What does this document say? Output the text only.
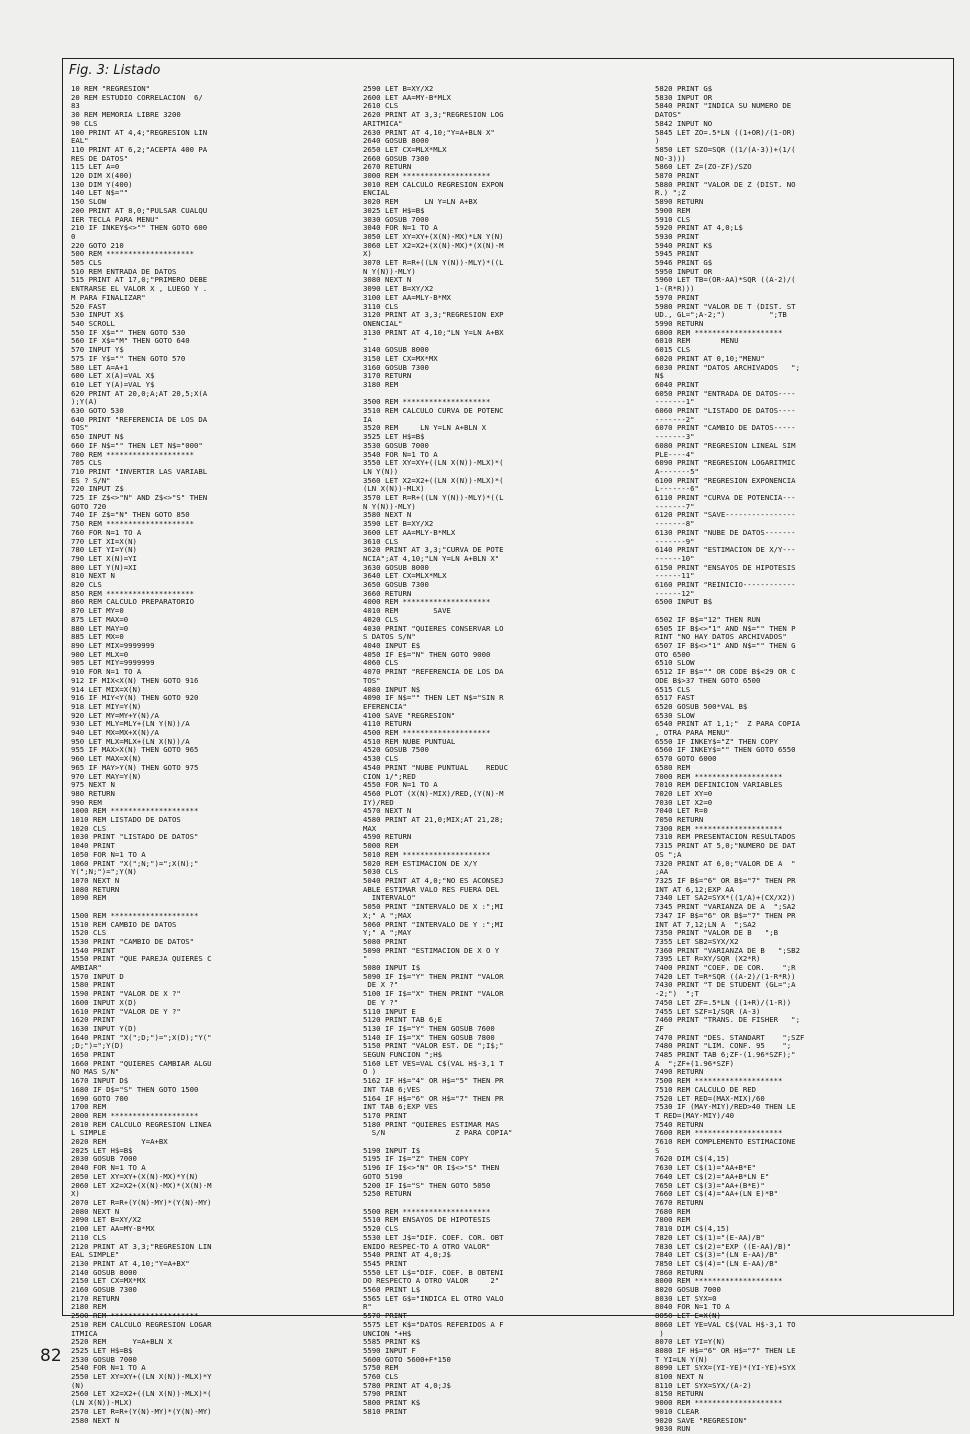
Fig. 3: Listado
10 REM "REGRESION"
20 REM ESTUDIO CORRELACION  6/
83
30 REM MEMORIA LIBRE 3200
90 CLS
100 PRINT AT 4,4;"REGRESION LIN
EAL"
110 PRINT AT 6,2;"ACEPTA 400 PA
RES DE DATOS"
115 LET A=0
120 DIM X(400)
130 DIM Y(400)
140 LET N$=""
150 SLOW
200 PRINT AT 8,0;"PULSAR CUALQU
IER TECLA PARA MENU"
210 IF INKEY$<>"" THEN GOTO 600
0
220 GOTO 210
500 REM ********************
505 CLS
510 REM ENTRADA DE DATOS
515 PRINT AT 17,0;"PRIMERO DEBE
ENTRARSE EL VALOR X , LUEGO Y .
M PARA FINALIZAR"
520 FAST
530 INPUT X$
540 SCROLL
550 IF X$="" THEN GOTO 530
560 IF X$="M" THEN GOTO 640
570 INPUT Y$
575 IF Y$="" THEN GOTO 570
580 LET A=A+1
600 LET X(A)=VAL X$
610 LET Y(A)=VAL Y$
620 PRINT AT 20,0;A;AT 20,5;X(A
);Y(A)
630 GOTO 530
640 PRINT "REFERENCIA DE LOS DA
TOS"
650 INPUT N$
660 IF N$="" THEN LET N$="000"
700 REM ********************
705 CLS
710 PRINT "INVERTIR LAS VARIABL
ES ? S/N"
720 INPUT Z$
725 IF Z$<>"N" AND Z$<>"S" THEN
GOTO 720
740 IF Z$="N" THEN GOTO 850
750 REM ********************
760 FOR N=1 TO A
770 LET XI=X(N)
780 LET YI=Y(N)
790 LET X(N)=YI
800 LET Y(N)=XI
810 NEXT N
820 CLS
850 REM ********************
860 REM CALCULO PREPARATORIO
870 LET MY=0
875 LET MAX=0
880 LET MAY=0
885 LET MX=0
890 LET MIX=9999999
900 LET MLX=0
905 LET MIY=9999999
910 FOR N=1 TO A
912 IF MIX<X(N) THEN GOTO 916
914 LET MIX=X(N)
916 IF MIY<Y(N) THEN GOTO 920
918 LET MIY=Y(N)
920 LET MY=MY+Y(N)/A
930 LET MLY=MLY+(LN Y(N))/A
940 LET MX=MX+X(N)/A
950 LET MLX=MLX+(LN X(N))/A
955 IF MAX>X(N) THEN GOTO 965
960 LET MAX=X(N)
965 IF MAY>Y(N) THEN GOTO 975
970 LET MAY=Y(N)
975 NEXT N
980 RETURN
990 REM
1000 REM ********************
1010 REM LISTADO DE DATOS
1020 CLS
1030 PRINT "LISTADO DE DATOS"
1040 PRINT
1050 FOR N=1 TO A
1060 PRINT "X(";N;")=";X(N);"
Y(";N;")=";Y(N)
1070 NEXT N
1080 RETURN
1090 REM

1500 REM ********************
1510 REM CAMBIO DE DATOS
1520 CLS
1530 PRINT "CAMBIO DE DATOS"
1540 PRINT
1550 PRINT "QUE PAREJA QUIERES C
AMBIAR"
1570 INPUT D
1580 PRINT
1590 PRINT "VALOR DE X ?"
1600 INPUT X(D)
1610 PRINT "VALOR DE Y ?"
1620 PRINT
1630 INPUT Y(D)
1640 PRINT "X(";D;")=";X(D);"Y("
;D;")=";Y(D)
1650 PRINT
1660 PRINT "QUIERES CAMBIAR ALGU
NO MAS S/N"
1670 INPUT D$
1680 IF D$="S" THEN GOTO 1500
1690 GOTO 700
1700 REM
2000 REM ********************
2010 REM CALCULO REGRESION LINEA
L SIMPLE
2020 REM        Y=A+BX
2025 LET H$=B$
2030 GOSUB 7000
2040 FOR N=1 TO A
2050 LET XY=XY+(X(N)-MX)*Y(N)
2060 LET X2=X2+(X(N)-MX)*(X(N)-M
X)
2070 LET R=R+(Y(N)-MY)*(Y(N)-MY)
2080 NEXT N
2090 LET B=XY/X2
2100 LET AA=MY-B*MX
2110 CLS
2120 PRINT AT 3,3;"REGRESION LIN
EAL SIMPLE"
2130 PRINT AT 4,10;"Y=A+BX"
2140 GOSUB 8000
2150 LET CX=MX*MX
2160 GOSUB 7300
2170 RETURN
2180 REM
2500 REM ********************
2510 REM CALCULO REGRESION LOGAR
ITMICA
2520 REM      Y=A+BLN X
2525 LET H$=B$
2530 GOSUB 7000
2540 FOR N=1 TO A
2550 LET XY=XY+((LN X(N))-MLX)*Y
(N)
2560 LET X2=X2+((LN X(N))-MLX)*(
(LN X(N))-MLX)
2570 LET R=R+(Y(N)-MY)*(Y(N)-MY)
2580 NEXT N
2590 LET B=XY/X2
2600 LET AA=MY-B*MLX
2610 CLS
2620 PRINT AT 3,3;"REGRESION LOG
ARITMICA"
2630 PRINT AT 4,10;"Y=A+BLN X"
2640 GOSUB 8000
2650 LET CX=MLX*MLX
2660 GOSUB 7300
2670 RETURN
3000 REM ********************
3010 REM CALCULO REGRESION EXPON
ENCIAL
3020 REM      LN Y=LN A+BX
3025 LET H$=B$
3030 GOSUB 7000
3040 FOR N=1 TO A
3050 LET XY=XY+(X(N)-MX)*LN Y(N)
3060 LET X2=X2+(X(N)-MX)*(X(N)-M
X)
3070 LET R=R+((LN Y(N))-MLY)*((L
N Y(N))-MLY)
3080 NEXT N
3090 LET B=XY/X2
3100 LET AA=MLY-B*MX
3110 CLS
3120 PRINT AT 3,3;"REGRESION EXP
ONENCIAL"
3130 PRINT AT 4,10;"LN Y=LN A+BX
"
3140 GOSUB 8000
3150 LET CX=MX*MX
3160 GOSUB 7300
3170 RETURN
3180 REM

3500 REM ********************
3510 REM CALCULO CURVA DE POTENC
IA
3520 REM     LN Y=LN A+BLN X
3525 LET H$=B$
3530 GOSUB 7000
3540 FOR N=1 TO A
3550 LET XY=XY+((LN X(N))-MLX)*(
LN Y(N))
3560 LET X2=X2+((LN X(N))-MLX)*(
(LN X(N))-MLX)
3570 LET R=R+((LN Y(N))-MLY)*((L
N Y(N))-MLY)
3580 NEXT N
3590 LET B=XY/X2
3600 LET AA=MLY-B*MLX
3610 CLS
3620 PRINT AT 3,3;"CURVA DE POTE
NCIA";AT 4,10;"LN Y=LN A+BLN X"
3630 GOSUB 8000
3640 LET CX=MLX*MLX
3650 GOSUB 7300
3660 RETURN
4000 REM ********************
4010 REM        SAVE
4020 CLS
4030 PRINT "QUIERES CONSERVAR LO
S DATOS S/N"
4040 INPUT E$
4050 IF E$="N" THEN GOTO 9000
4060 CLS
4070 PRINT "REFERENCIA DE LOS DA
TOS"
4080 INPUT N$
4090 IF N$="" THEN LET N$="SIN R
EFERENCIA"
4100 SAVE "REGRESION"
4110 RETURN
4500 REM ********************
4510 REM NUBE PUNTUAL
4520 GOSUB 7500
4530 CLS
4540 PRINT "NUBE PUNTUAL    REDUC
CION 1/";RED
4550 FOR N=1 TO A
4560 PLOT (X(N)-MIX)/RED,(Y(N)-M
IY)/RED
4570 NEXT N
4580 PRINT AT 21,0;MIX;AT 21,28;
MAX
4590 RETURN
5000 REM
5010 REM ********************
5020 REM ESTIMACION DE X/Y
5030 CLS
5040 PRINT AT 4,0;"NO ES ACONSEJ
ABLE ESTIMAR VALO RES FUERA DEL
INTERVALO"
5050 PRINT "INTERVALO DE X :";MI
X;" A ";MAX
5060 PRINT "INTERVALO DE Y :";MI
Y;" A ";MAY
5080 PRINT
5090 PRINT "ESTIMACION DE X O Y
"
5080 INPUT I$
5090 IF I$="Y" THEN PRINT "VALOR
DE X ?"
5100 IF I$="X" THEN PRINT "VALOR
DE Y ?"
5110 INPUT E
5120 PRINT TAB 6;E
5130 IF I$="Y" THEN GOSUB 7600
5140 IF I$="X" THEN GOSUB 7800
5150 PRINT "VALOR EST. DE ";I$;"
SEGUN FUNCION ";H$
5160 LET VES=VAL C$(VAL H$-3,1 T
O )
5162 IF H$="4" OR H$="5" THEN PR
INT TAB 6;VES
5164 IF H$="6" OR H$="7" THEN PR
INT TAB 6;EXP VES
5170 PRINT
5180 PRINT "QUIERES ESTIMAR MAS
S/N                Z PARA COPIA"

5190 INPUT I$
5195 IF I$="Z" THEN COPY
5196 IF I$<>"N" OR I$<>"S" THEN
GOTO 5190
5200 IF I$="S" THEN GOTO 5050
5250 RETURN

5500 REM ********************
5510 REM ENSAYOS DE HIPOTESIS
5520 CLS
5530 LET J$="DIF. COEF. COR. OBT
ENIDO RESPEC-TO A OTRO VALOR"
5540 PRINT AT 4,0;J$
5545 PRINT
5550 LET L$="DIF. COEF. B OBTENI
DO RESPECTO A OTRO VALOR     2"
5560 PRINT L$
5565 LET G$="INDICA EL OTRO VALO
R"
5570 PRINT
5575 LET K$="DATOS REFERIDOS A F
UNCION "+H$
5585 PRINT K$
5590 INPUT F
5600 GOTO 5600+F*150
5750 REM
5760 CLS
5780 PRINT AT 4,0;J$
5790 PRINT
5800 PRINT K$
5810 PRINT
5820 PRINT G$
5830 INPUT OR
5840 PRINT "INDICA SU NUMERO DE
DATOS"
5842 INPUT NO
5845 LET ZO=.5*LN ((1+OR)/(1-OR)
)
5850 LET SZO=SQR ((1/(A-3))+(1/(
NO-3)))
5860 LET Z=(ZO-ZF)/SZO
5870 PRINT
5880 PRINT "VALOR DE Z (DIST. NO
R.) ";Z
5890 RETURN
5900 REM
5910 CLS
5920 PRINT AT 4,0;L$
5930 PRINT
5940 PRINT K$
5945 PRINT
5946 PRINT G$
5950 INPUT OR
5960 LET TB=(OR-AA)*SQR ((A-2)/(
1-(R*R)))
5970 PRINT
5980 PRINT "VALOR DE T (DIST. ST
UD., GL=";A-2;")          ";TB
5990 RETURN
6000 REM ********************
6010 REM       MENU
6015 CLS
6020 PRINT AT 0,10;"MENU"
6030 PRINT "DATOS ARCHIVADOS   ";
N$
6040 PRINT
6050 PRINT "ENTRADA DE DATOS----
-------1"
6060 PRINT "LISTADO DE DATOS----
-------2"
6070 PRINT "CAMBIO DE DATOS-----
-------3"
6080 PRINT "REGRESION LINEAL SIM
PLE----4"
6090 PRINT "REGRESION LOGARITMIC
A-------5"
6100 PRINT "REGRESION EXPONENCIA
L-------6"
6110 PRINT "CURVA DE POTENCIA---
-------7"
6120 PRINT "SAVE----------------
-------8"
6130 PRINT "NUBE DE DATOS-------
-------9"
6140 PRINT "ESTIMACION DE X/Y---
------10"
6150 PRINT "ENSAYOS DE HIPOTESIS
------11"
6160 PRINT "REINICIO------------
------12"
6500 INPUT B$

6502 IF B$="12" THEN RUN
6505 IF B$<>"1" AND N$="" THEN P
RINT "NO HAY DATOS ARCHIVADOS"
6507 IF B$<>"1" AND N$="" THEN G
OTO 6500
6510 SLOW
6512 IF B$="" OR CODE B$<29 OR C
ODE B$>37 THEN GOTO 6500
6515 CLS
6517 FAST
6520 GOSUB 500*VAL B$
6530 SLOW
6540 PRINT AT 1,1;"  Z PARA COPIA
, OTRA PARA MENU"
6550 IF INKEY$="Z" THEN COPY
6560 IF INKEY$="" THEN GOTO 6550
6570 GOTO 6000
6580 REM
7000 REM ********************
7010 REM DEFINICION VARIABLES
7020 LET XY=0
7030 LET X2=0
7040 LET R=0
7050 RETURN
7300 REM ********************
7310 REM PRESENTACION RESULTADOS
7315 PRINT AT 5,0;"NUMERO DE DAT
OS ";A
7320 PRINT AT 6,0;"VALOR DE A  "
;AA
7325 IF B$="6" OR B$="7" THEN PR
INT AT 6,12;EXP AA
7340 LET SA2=SYX*((1/A)+(CX/X2))
7345 PRINT "VARIANZA DE A  ";SA2
7347 IF B$="6" OR B$="7" THEN PR
INT AT 7,12;LN A  ";SA2
7350 PRINT "VALOR DE B   ";B
7355 LET SB2=SYX/X2
7360 PRINT "VARIANZA DE B   ";SB2
7395 LET R=XY/SQR (X2*R)
7400 PRINT "COEF. DE COR.    ";R
7420 LET T=R*SQR ((A-2)/(1-R*R))
7430 PRINT "T DE STUDENT (GL=";A
-2;")  ";T
7450 LET ZF=.5*LN ((1+R)/(1-R))
7455 LET SZF=1/SQR (A-3)
7460 PRINT "TRANS. DE FISHER   ";
ZF
7470 PRINT "DES. STANDART    ";SZF
7480 PRINT "LIM. CONF. 95    ";
7485 PRINT TAB 6;ZF-(1.96*SZF);"
A  ";ZF+(1.96*SZF)
7490 RETURN
7500 REM ********************
7510 REM CALCULO DE RED
7520 LET RED=(MAX-MIX)/60
7530 IF (MAY-MIY)/RED>40 THEN LE
T RED=(MAY-MIY)/40
7540 RETURN
7600 REM ********************
7610 REM COMPLEMENTO ESTIMACIONE
S
7620 DIM C$(4,15)
7630 LET C$(1)="AA+B*E"
7640 LET C$(2)="AA+B*LN E"
7650 LET C$(3)="AA+(B*E)"
7660 LET C$(4)="AA+(LN E)*B"
7670 RETURN
7680 REM
7800 REM
7810 DIM C$(4,15)
7820 LET C$(1)="(E-AA)/B"
7830 LET C$(2)="EXP ((E-AA)/B)"
7840 LET C$(3)="(LN E-AA)/B"
7850 LET C$(4)="(LN E-AA)/B"
7860 RETURN
8000 REM ********************
8020 GOSUB 7000
8030 LET SYX=0
8040 FOR N=1 TO A
8050 LET E=X(N)
8060 LET YE=VAL C$(VAL H$-3,1 TO
)
8070 LET YI=Y(N)
8080 IF H$="6" OR H$="7" THEN LE
T YI=LN Y(N)
8090 LET SYX=(YI-YE)*(YI-YE)+SYX
8100 NEXT N
8110 LET SYX=SYX/(A-2)
8150 RETURN
9000 REM ********************
9010 CLEAR
9020 SAVE "REGRESION"
9030 RUN
82
